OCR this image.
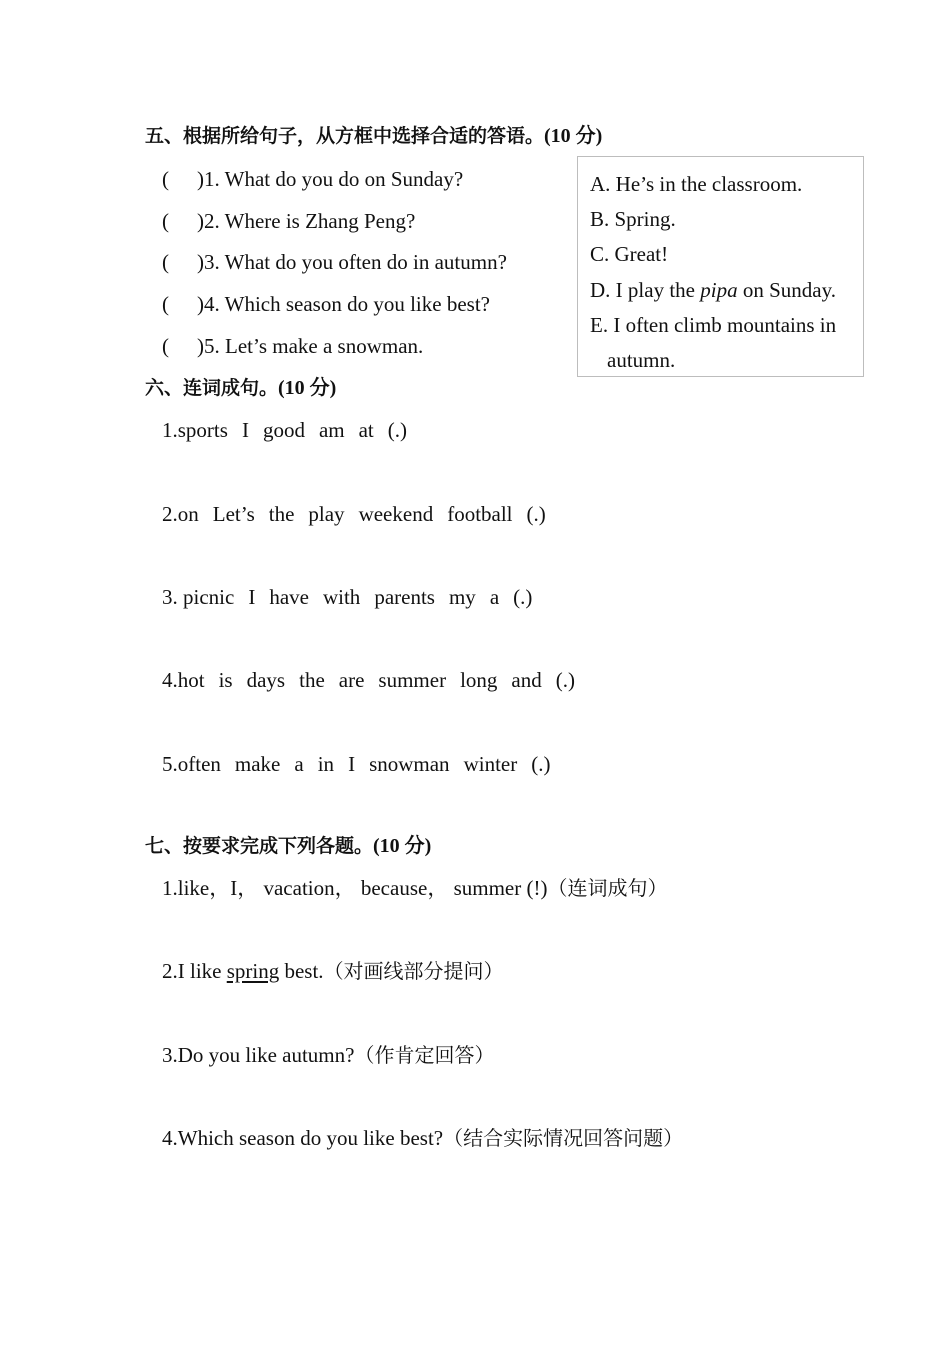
五、根据所给句子，从方框中选择合适的答语。(10 分)
( )1. What do you do on Sunday?
( )2. Where is Zhang Peng?
( )3. What do you often do in autumn?
( )4. Which season do you like best?
( )5. Let’s make a snowman.
A. He’s in the classroom.
B. Spring.
C. Great!
D. I play the pipa on Sunday.
E. I often climb mountains in
autumn.
六、连词成句。(10 分)
1.sports I good am at (.)
2.on Let’s the play weekend football (.)
3. picnic I have with parents my a (.)
4.hot is days the are summer long and (.)
5.often make a in I snowman winter (.)
七、按要求完成下列各题。(10 分)
1.like，I， vacation， because， summer (!)（连词成句）
2.I like spring best.（对画线部分提问）
3.Do you like autumn?（作肯定回答）
4.Which season do you like best?（结合实际情况回答问题）
